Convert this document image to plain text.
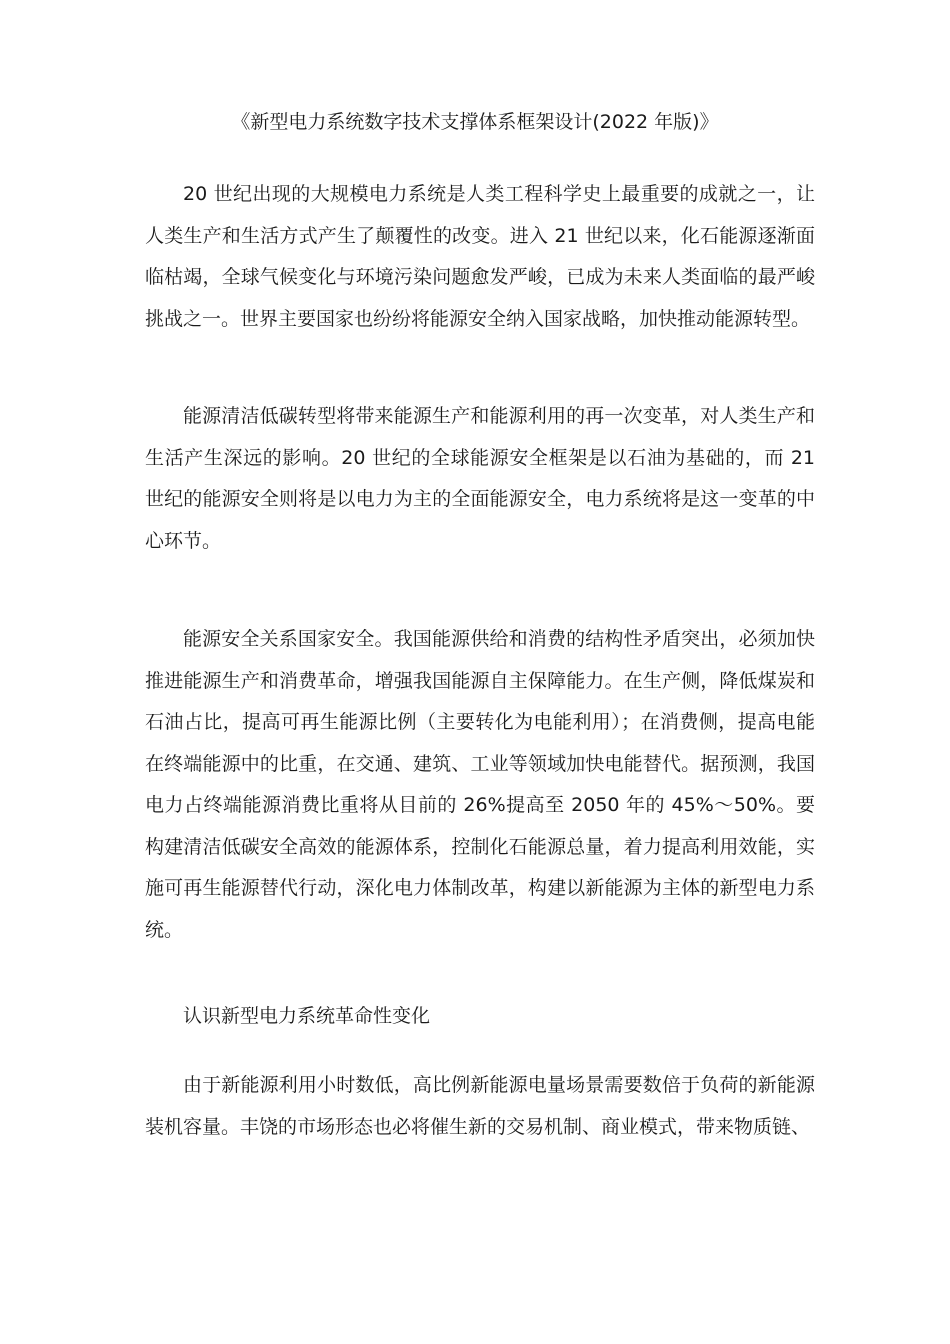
《新型电力系统数字技术支撑体系框架设计(2022 年版)》

20 世纪出现的大规模电力系统是人类工程科学史上最重要的成就之一，让人类生产和生活方式产生了颠覆性的改变。进入 21 世纪以来，化石能源逐渐面临枯竭，全球气候变化与环境污染问题愈发严峻，已成为未来人类面临的最严峻挑战之一。世界主要国家也纷纷将能源安全纳入国家战略，加快推动能源转型。

能源清洁低碳转型将带来能源生产和能源利用的再一次变革，对人类生产和生活产生深远的影响。20 世纪的全球能源安全框架是以石油为基础的，而 21 世纪的能源安全则将是以电力为主的全面能源安全，电力系统将是这一变革的中心环节。

能源安全关系国家安全。我国能源供给和消费的结构性矛盾突出，必须加快推进能源生产和消费革命，增强我国能源自主保障能力。在生产侧，降低煤炭和石油占比，提高可再生能源比例（主要转化为电能利用）；在消费侧，提高电能在终端能源中的比重，在交通、建筑、工业等领域加快电能替代。据预测，我国电力占终端能源消费比重将从目前的 26%提高至 2050 年的 45%～50%。要构建清洁低碳安全高效的能源体系，控制化石能源总量，着力提高利用效能，实施可再生能源替代行动，深化电力体制改革，构建以新能源为主体的新型电力系统。

认识新型电力系统革命性变化

由于新能源利用小时数低，高比例新能源电量场景需要数倍于负荷的新能源装机容量。丰饶的市场形态也必将催生新的交易机制、商业模式，带来物质链、
